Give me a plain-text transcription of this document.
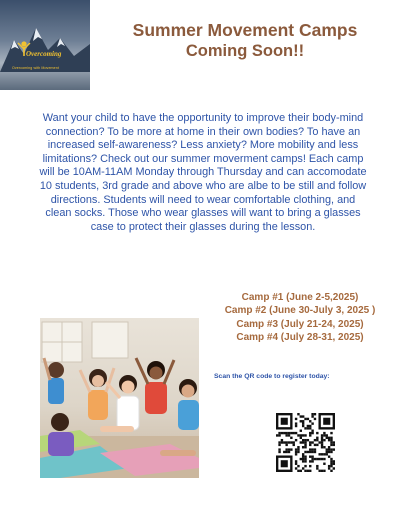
Overcoming
Overcoming with Movement
Summer Movement Camps
Coming Soon!!
Want your child to have the opportunity to improve their body-mind connection? To be more at home in their own bodies? To have an increased self-awareness? Less anxiety? More mobility and less limitations? Check out our summer moverment camps! Each camp will be 10AM-11AM Monday through Thursday and can accomodate 10 students, 3rd grade and above who are albe to be still and follow directions. Students will need to wear comfortable clothing, and clean socks. Those who wear glasses will want to bring a glasses case to protect their glasses during the lesson.
Camp #1 (June 2-5,2025)
Camp #2 (June 30-July 3, 2025 )
Camp #3 (July 21-24, 2025)
Camp #4 (July 28-31, 2025)
Scan the QR code to register today:
